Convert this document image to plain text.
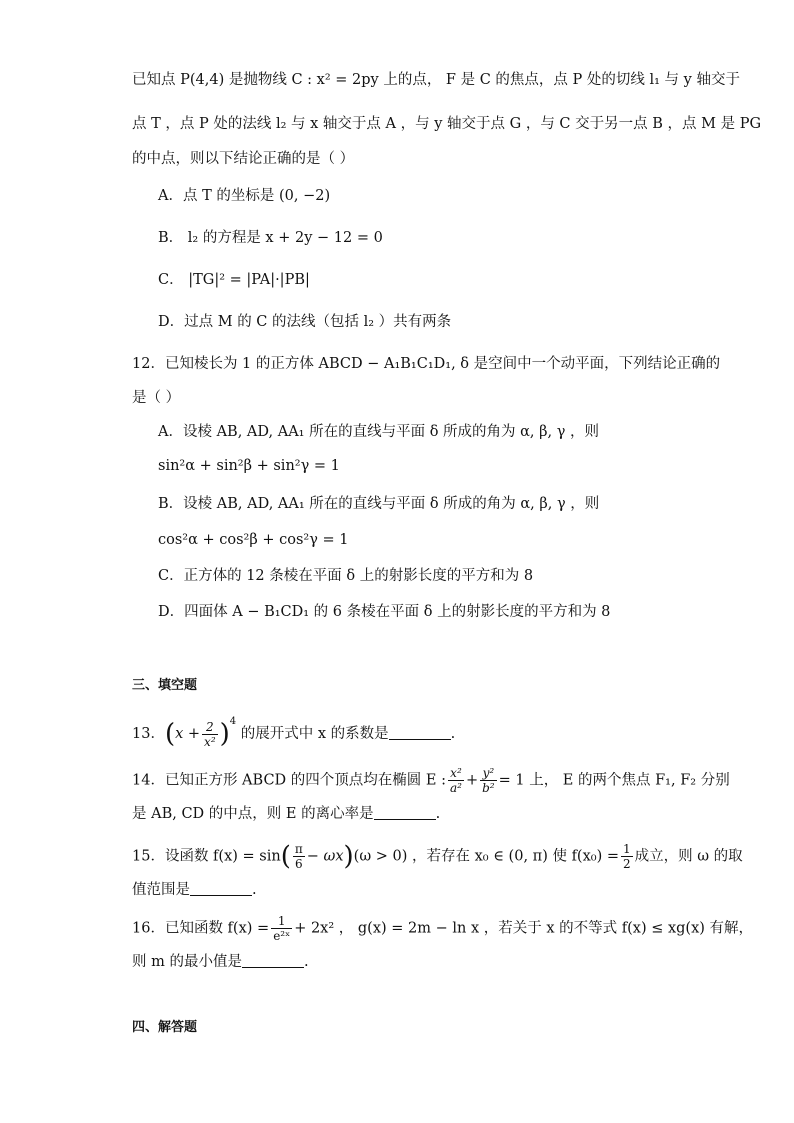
已知点 P(4,4) 是抛物线 C : x² = 2py 上的点， F 是 C 的焦点，点 P 处的切线 l₁ 与 y 轴交于
点 T ，点 P 处的法线 l₂ 与 x 轴交于点 A ，与 y 轴交于点 G ，与 C 交于另一点 B ，点 M 是 PG
的中点，则以下结论正确的是（ ）
A．点 T 的坐标是 (0, −2)
B． l₂ 的方程是 x + 2y − 12 = 0
C． |TG|² = |PA|·|PB|
D．过点 M 的 C 的法线（包括 l₂ ）共有两条
12．已知棱长为 1 的正方体 ABCD − A₁B₁C₁D₁, δ 是空间中一个动平面，下列结论正确的
是（ ）
A．设棱 AB, AD, AA₁ 所在的直线与平面 δ 所成的角为 α, β, γ ，则
sin²α + sin²β + sin²γ = 1
B．设棱 AB, AD, AA₁ 所在的直线与平面 δ 所成的角为 α, β, γ ，则
cos²α + cos²β + cos²γ = 1
C．正方体的 12 条棱在平面 δ 上的射影长度的平方和为 8
D．四面体 A − B₁CD₁ 的 6 条棱在平面 δ 上的射影长度的平方和为 8
三、填空题
13．$(x + \frac{2}{\text{x²}} )^4$ 的展开式中 x 的系数是	.
14．已知正方形 ABCD 的四个顶点均在椭圆 E : $\frac{\text{x²}}{\text{a²}} + \frac{\text{y²}}{\text{b²}} = 1$ 上， E 的两个焦点 F₁, F₂ 分别
是 AB, CD 的中点，则 E 的离心率是	.
15．设函数 $f(x) = \sin( \frac{\pi}{6} - \omega x)(\omega > 0)$ ，若存在 x₀ ∈ (0, π) 使 $f(x_0) = \frac{1}{2}$ 成立，则 ω 的取
值范围是	.
16．已知函数 $f(x) = \frac{1}{\text{e²ˣ}} + 2x^2$ ， g(x) = 2m − ln x ，若关于 x 的不等式 f(x) ≤ xg(x) 有解，
则 m 的最小值是	.
四、解答题
